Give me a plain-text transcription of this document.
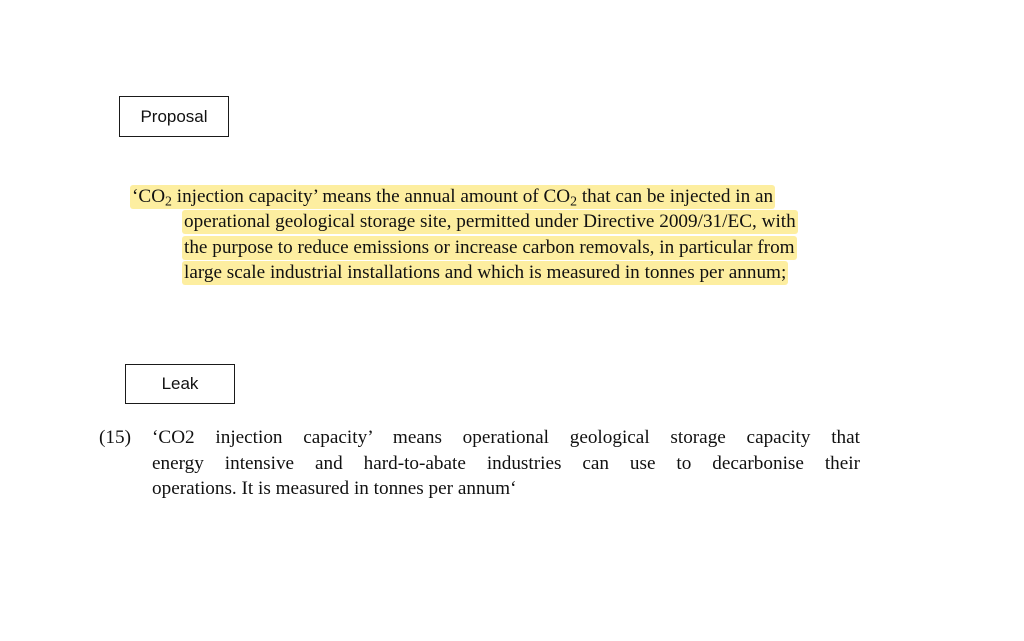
Proposal
‘$CO_2$ injection capacity’ means the annual amount of $CO_2$ that can be injected in an
operational geological storage site, permitted under Directive 2009/31/EC, with
the purpose to reduce emissions or increase carbon removals, in particular from
large scale industrial installations and which is measured in tonnes per annum;
Leak
(15) ‘CO2 injection capacity’ means operational geological storage capacity that
energy intensive and hard-to-abate industries can use to decarbonise their
operations. It is measured in tonnes per annum‘
